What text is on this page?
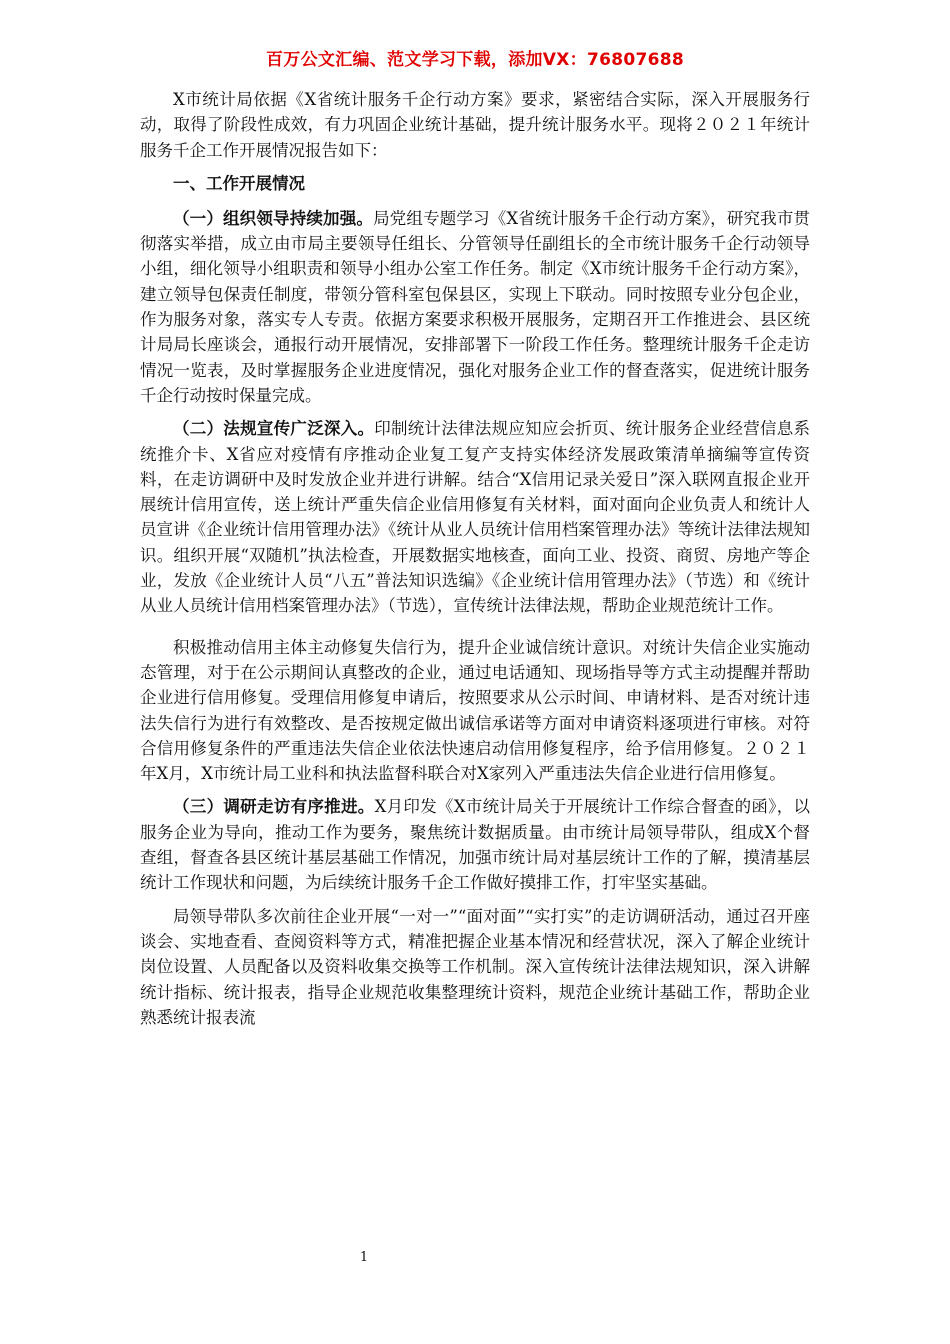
百万公文汇编、范文学习下载，添加VX：76807688

X市统计局依据《X省统计服务千企行动方案》要求，紧密结合实际，深入开展服务行动，取得了阶段性成效，有力巩固企业统计基础，提升统计服务水平。现将２０２１年统计服务千企工作开展情况报告如下：

一、工作开展情况

（一）组织领导持续加强。局党组专题学习《X省统计服务千企行动方案》，研究我市贯彻落实举措，成立由市局主要领导任组长、分管领导任副组长的全市统计服务千企行动领导小组，细化领导小组职责和领导小组办公室工作任务。制定《X市统计服务千企行动方案》，建立领导包保责任制度，带领分管科室包保县区，实现上下联动。同时按照专业分包企业，作为服务对象，落实专人专责。依据方案要求积极开展服务，定期召开工作推进会、县区统计局局长座谈会，通报行动开展情况，安排部署下一阶段工作任务。整理统计服务千企走访情况一览表，及时掌握服务企业进度情况，强化对服务企业工作的督查落实，促进统计服务千企行动按时保量完成。

（二）法规宣传广泛深入。印制统计法律法规应知应会折页、统计服务企业经营信息系统推介卡、X省应对疫情有序推动企业复工复产支持实体经济发展政策清单摘编等宣传资料，在走访调研中及时发放企业并进行讲解。结合“X信用记录关爱日”深入联网直报企业开展统计信用宣传，送上统计严重失信企业信用修复有关材料，面对面向企业负责人和统计人员宣讲《企业统计信用管理办法》《统计从业人员统计信用档案管理办法》等统计法律法规知识。组织开展“双随机”执法检查，开展数据实地核查，面向工业、投资、商贸、房地产等企业，发放《企业统计人员“八五”普法知识选编》《企业统计信用管理办法》（节选）和《统计从业人员统计信用档案管理办法》（节选），宣传统计法律法规，帮助企业规范统计工作。

积极推动信用主体主动修复失信行为，提升企业诚信统计意识。对统计失信企业实施动态管理，对于在公示期间认真整改的企业，通过电话通知、现场指导等方式主动提醒并帮助企业进行信用修复。受理信用修复申请后，按照要求从公示时间、申请材料、是否对统计违法失信行为进行有效整改、是否按规定做出诚信承诺等方面对申请资料逐项进行审核。对符合信用修复条件的严重违法失信企业依法快速启动信用修复程序，给予信用修复。２０２１年X月，X市统计局工业科和执法监督科联合对X家列入严重违法失信企业进行信用修复。

（三）调研走访有序推进。X月印发《X市统计局关于开展统计工作综合督查的函》，以服务企业为导向，推动工作为要务，聚焦统计数据质量。由市统计局领导带队，组成X个督查组，督查各县区统计基层基础工作情况，加强市统计局对基层统计工作的了解，摸清基层统计工作现状和问题，为后续统计服务千企工作做好摸排工作，打牢坚实基础。

局领导带队多次前往企业开展“一对一”“面对面”“实打实”的走访调研活动，通过召开座谈会、实地查看、查阅资料等方式，精准把握企业基本情况和经营状况，深入了解企业统计岗位设置、人员配备以及资料收集交换等工作机制。深入宣传统计法律法规知识，深入讲解统计指标、统计报表，指导企业规范收集整理统计资料，规范企业统计基础工作，帮助企业熟悉统计报表流

1
